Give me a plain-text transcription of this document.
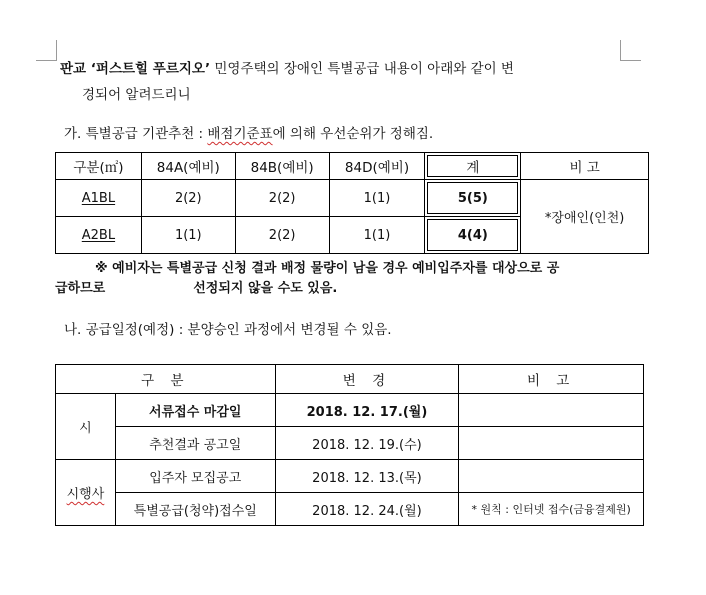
판교 ‘퍼스트힐 푸르지오’ 민영주택의 장애인 특별공급 내용이 아래와 같이 변
경되어 알려드리니
가. 특별공급 기관추천 : 배점기준표에 의해 우선순위가 정해짐.
구분(㎡)	84A(예비)	84B(예비)	84D(예비)	계	비 고
A1BL	2(2)	2(2)	1(1)	5(5)	*장애인(인천)
A2BL	1(1)	2(2)	1(1)	4(4)	
※ 예비자는 특별공급 신청 결과 배정 물량이 남을 경우 예비입주자를 대상으로 공
급하므로	선정되지 않을 수도 있음.
나. 공급일정(예정) : 분양승인 과정에서 변경될 수 있음.
구 분		변 경	비 고
시	서류접수 마감일	2018. 12. 17.(월)	
	추천결과 공고일	2018. 12. 19.(수)	
시행사	입주자 모집공고	2018. 12. 13.(목)	
	특별공급(청약)접수일	2018. 12. 24.(월)	* 원칙 : 인터넷 접수(금융결제원)
